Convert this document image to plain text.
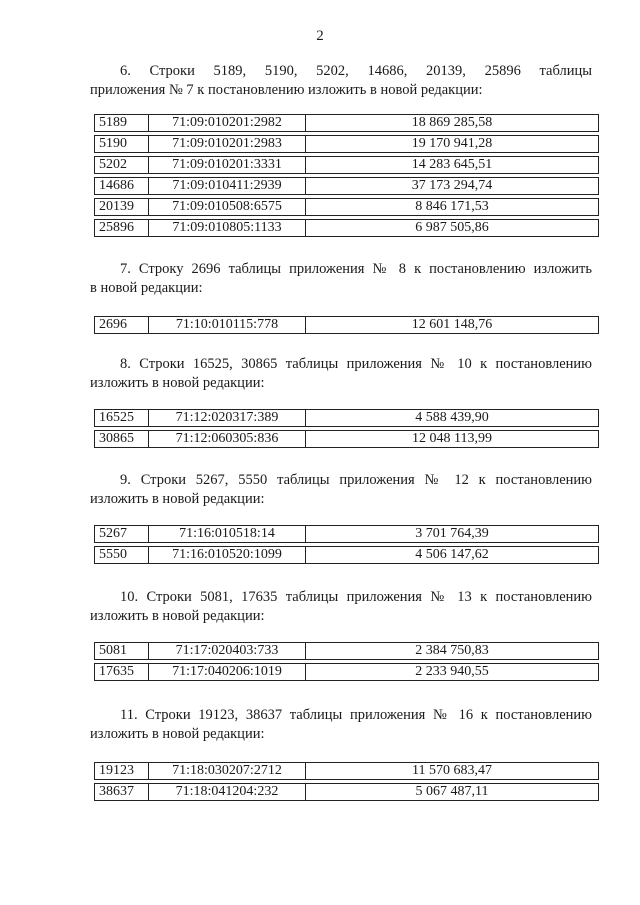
2
6. Строки 5189, 5190, 5202, 14686, 20139, 25896 таблицы
приложения № 7 к постановлению изложить в новой редакции:
5189	71:09:010201:2982	18 869 285,58
5190	71:09:010201:2983	19 170 941,28
5202	71:09:010201:3331	14 283 645,51
14686	71:09:010411:2939	37 173 294,74
20139	71:09:010508:6575	8 846 171,53
25896	71:09:010805:1133	6 987 505,86
7. Строку 2696 таблицы приложения № 8 к постановлению изложить
в новой редакции:
2696	71:10:010115:778	12 601 148,76
8. Строки 16525, 30865 таблицы приложения № 10 к постановлению
изложить в новой редакции:
16525	71:12:020317:389	4 588 439,90
30865	71:12:060305:836	12 048 113,99
9. Строки 5267, 5550 таблицы приложения № 12 к постановлению
изложить в новой редакции:
5267	71:16:010518:14	3 701 764,39
5550	71:16:010520:1099	4 506 147,62
10. Строки 5081, 17635 таблицы приложения № 13 к постановлению
изложить в новой редакции:
5081	71:17:020403:733	2 384 750,83
17635	71:17:040206:1019	2 233 940,55
11. Строки 19123, 38637 таблицы приложения № 16 к постановлению
изложить в новой редакции:
19123	71:18:030207:2712	11 570 683,47
38637	71:18:041204:232	5 067 487,11
